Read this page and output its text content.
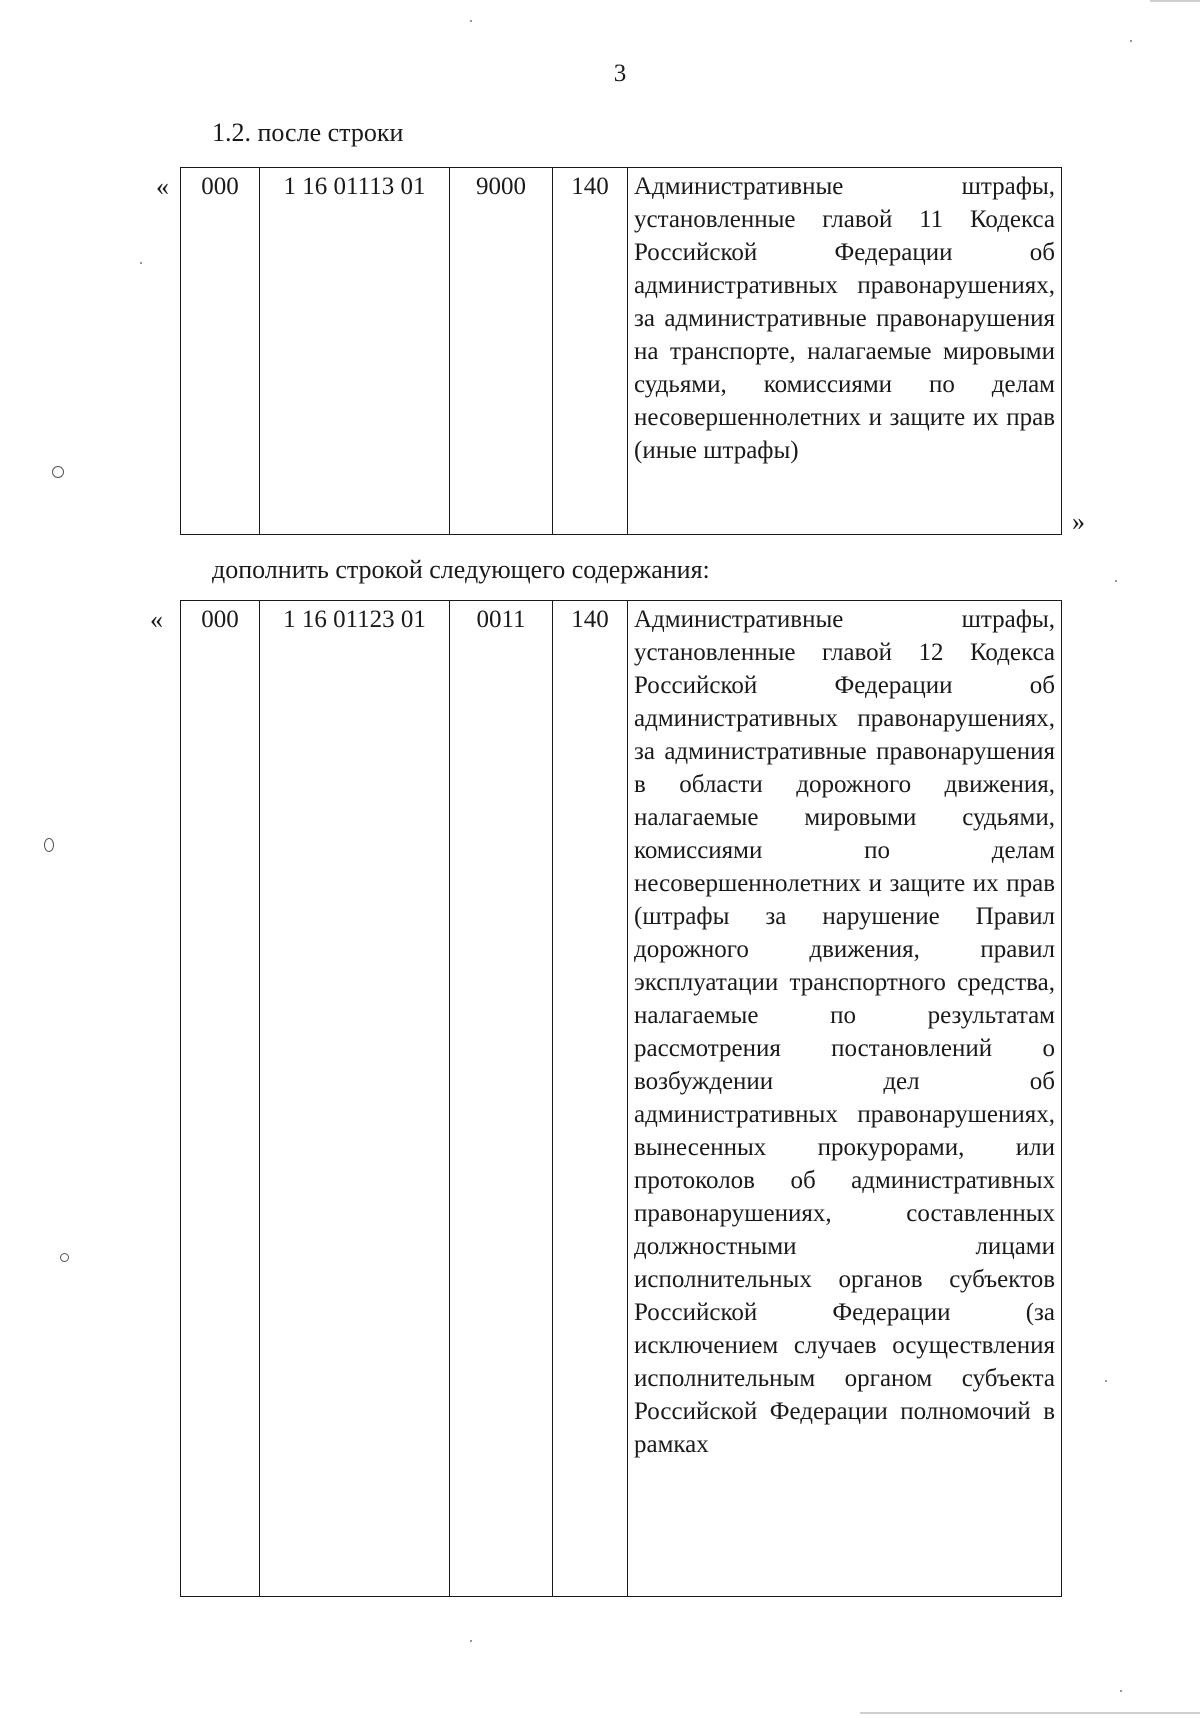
3
1.2. после строки
« 000	1 16 01113 01	9000	140	Административные штрафы, установленные главой 11 Кодекса Российской Федерации об административных правонарушениях, за административные правонарушения на транспорте, налагаемые мировыми судьями, комиссиями по делам несовершеннолетних и защите их прав (иные штрафы)
»
дополнить строкой следующего содержания:
« 000	1 16 01123 01	0011	140	Административные штрафы, установленные главой 12 Кодекса Российской Федерации об административных правонарушениях, за административные правонарушения в области дорожного движения, налагаемые мировыми судьями, комиссиями по делам несовершеннолетних и защите их прав (штрафы за нарушение Правил дорожного движения, правил эксплуатации транспортного средства, налагаемые по результатам рассмотрения постановлений о возбуждении дел об административных правонарушениях, вынесенных прокурорами, или протоколов об административных правонарушениях, составленных должностными лицами исполнительных органов субъектов Российской Федерации (за исключением случаев осуществления исполнительным органом субъекта Российской Федерации полномочий в рамках
